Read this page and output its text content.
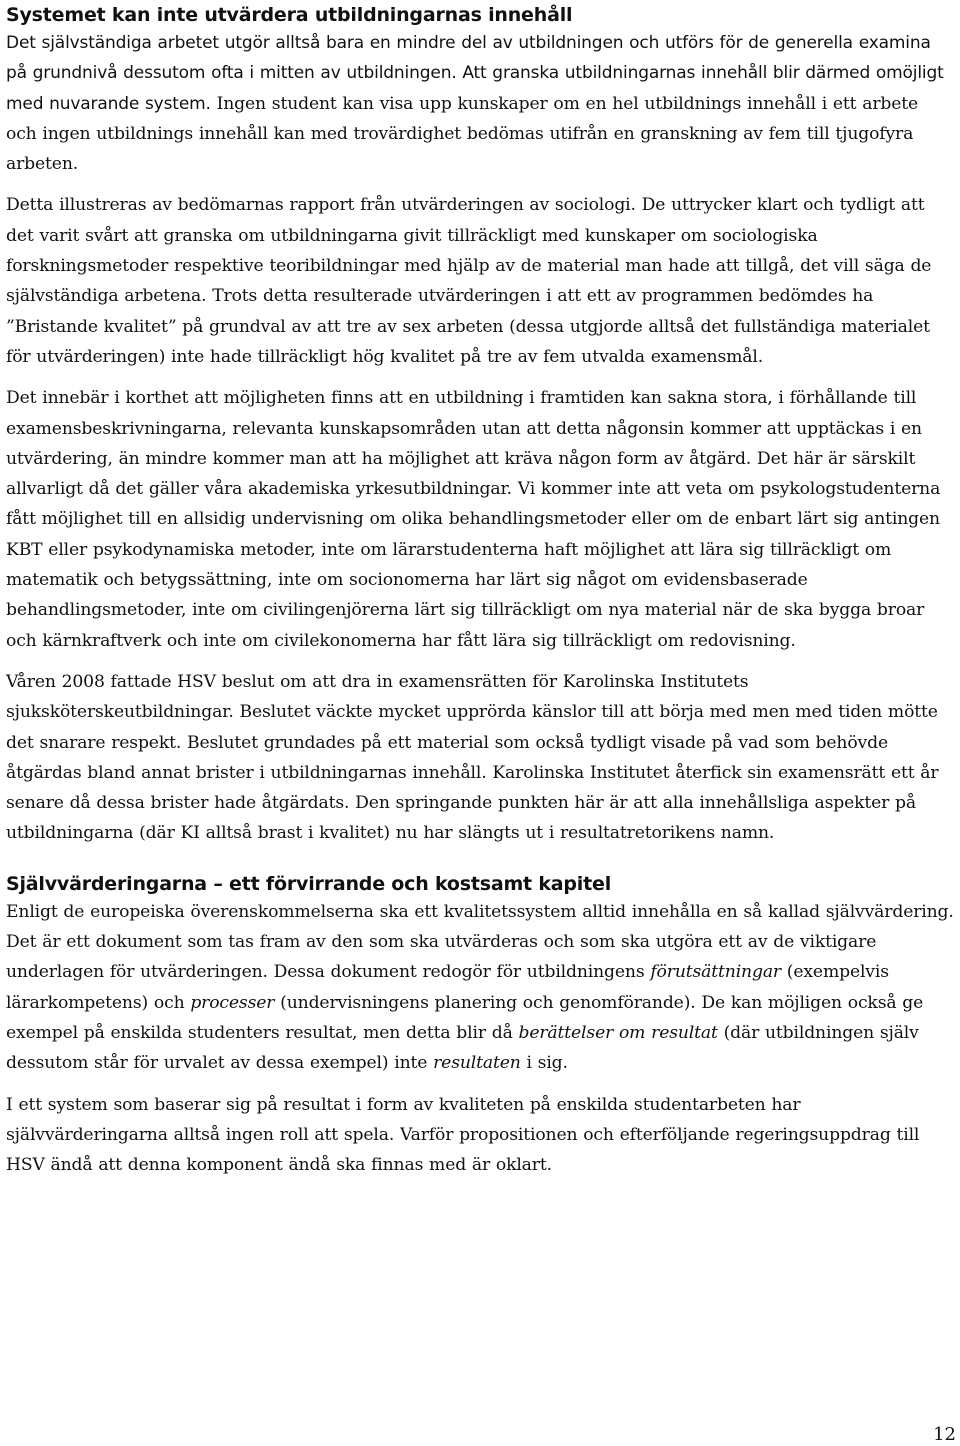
Systemet kan inte utvärdera utbildningarnas innehåll

Det självständiga arbetet utgör alltså bara en mindre del av utbildningen och utförs för de generella examina på grundnivå dessutom ofta i mitten av utbildningen. Att granska utbildningarnas innehåll blir därmed omöjligt med nuvarande system. Ingen student kan visa upp kunskaper om en hel utbildnings innehåll i ett arbete och ingen utbildnings innehåll kan med trovärdighet bedömas utifrån en granskning av fem till tjugofyra arbeten.

Detta illustreras av bedömarnas rapport från utvärderingen av sociologi. De uttrycker klart och tydligt att det varit svårt att granska om utbildningarna givit tillräckligt med kunskaper om sociologiska forskningsmetoder respektive teoribildningar med hjälp av de material man hade att tillgå, det vill säga de självständiga arbetena. Trots detta resulterade utvärderingen i att ett av programmen bedömdes ha ”Bristande kvalitet” på grundval av att tre av sex arbeten (dessa utgjorde alltså det fullständiga materialet för utvärderingen) inte hade tillräckligt hög kvalitet på tre av fem utvalda examensmål.

Det innebär i korthet att möjligheten finns att en utbildning i framtiden kan sakna stora, i förhållande till examensbeskrivningarna, relevanta kunskapsområden utan att detta någonsin kommer att upptäckas i en utvärdering, än mindre kommer man att ha möjlighet att kräva någon form av åtgärd. Det här är särskilt allvarligt då det gäller våra akademiska yrkesutbildningar. Vi kommer inte att veta om psykologstudenterna fått möjlighet till en allsidig undervisning om olika behandlingsmetoder eller om de enbart lärt sig antingen KBT eller psykodynamiska metoder, inte om lärarstudenterna haft möjlighet att lära sig tillräckligt om matematik och betygssättning, inte om socionomerna har lärt sig något om evidensbaserade behandlingsmetoder, inte om civilingenjörerna lärt sig tillräckligt om nya material när de ska bygga broar och kärnkraftverk och inte om civilekonomerna har fått lära sig tillräckligt om redovisning.

Våren 2008 fattade HSV beslut om att dra in examensrätten för Karolinska Institutets sjuksköterskeutbildningar. Beslutet väckte mycket upprörda känslor till att börja med men med tiden mötte det snarare respekt. Beslutet grundades på ett material som också tydligt visade på vad som behövde åtgärdas bland annat brister i utbildningarnas innehåll. Karolinska Institutet återfick sin examensrätt ett år senare då dessa brister hade åtgärdats. Den springande punkten här är att alla innehållsliga aspekter på utbildningarna (där KI alltså brast i kvalitet) nu har slängts ut i resultatretorikens namn.

Självvärderingarna – ett förvirrande och kostsamt kapitel

Enligt de europeiska överenskommelserna ska ett kvalitetssystem alltid innehålla en så kallad självvärdering. Det är ett dokument som tas fram av den som ska utvärderas och som ska utgöra ett av de viktigare underlagen för utvärderingen. Dessa dokument redogör för utbildningens förutsättningar (exempelvis lärarkompetens) och processer (undervisningens planering och genomförande). De kan möjligen också ge exempel på enskilda studenters resultat, men detta blir då berättelser om resultat (där utbildningen själv dessutom står för urvalet av dessa exempel) inte resultaten i sig.

I ett system som baserar sig på resultat i form av kvaliteten på enskilda studentarbeten har självvärderingarna alltså ingen roll att spela. Varför propositionen och efterföljande regeringsuppdrag till HSV ändå att denna komponent ändå ska finnas med är oklart.

12
